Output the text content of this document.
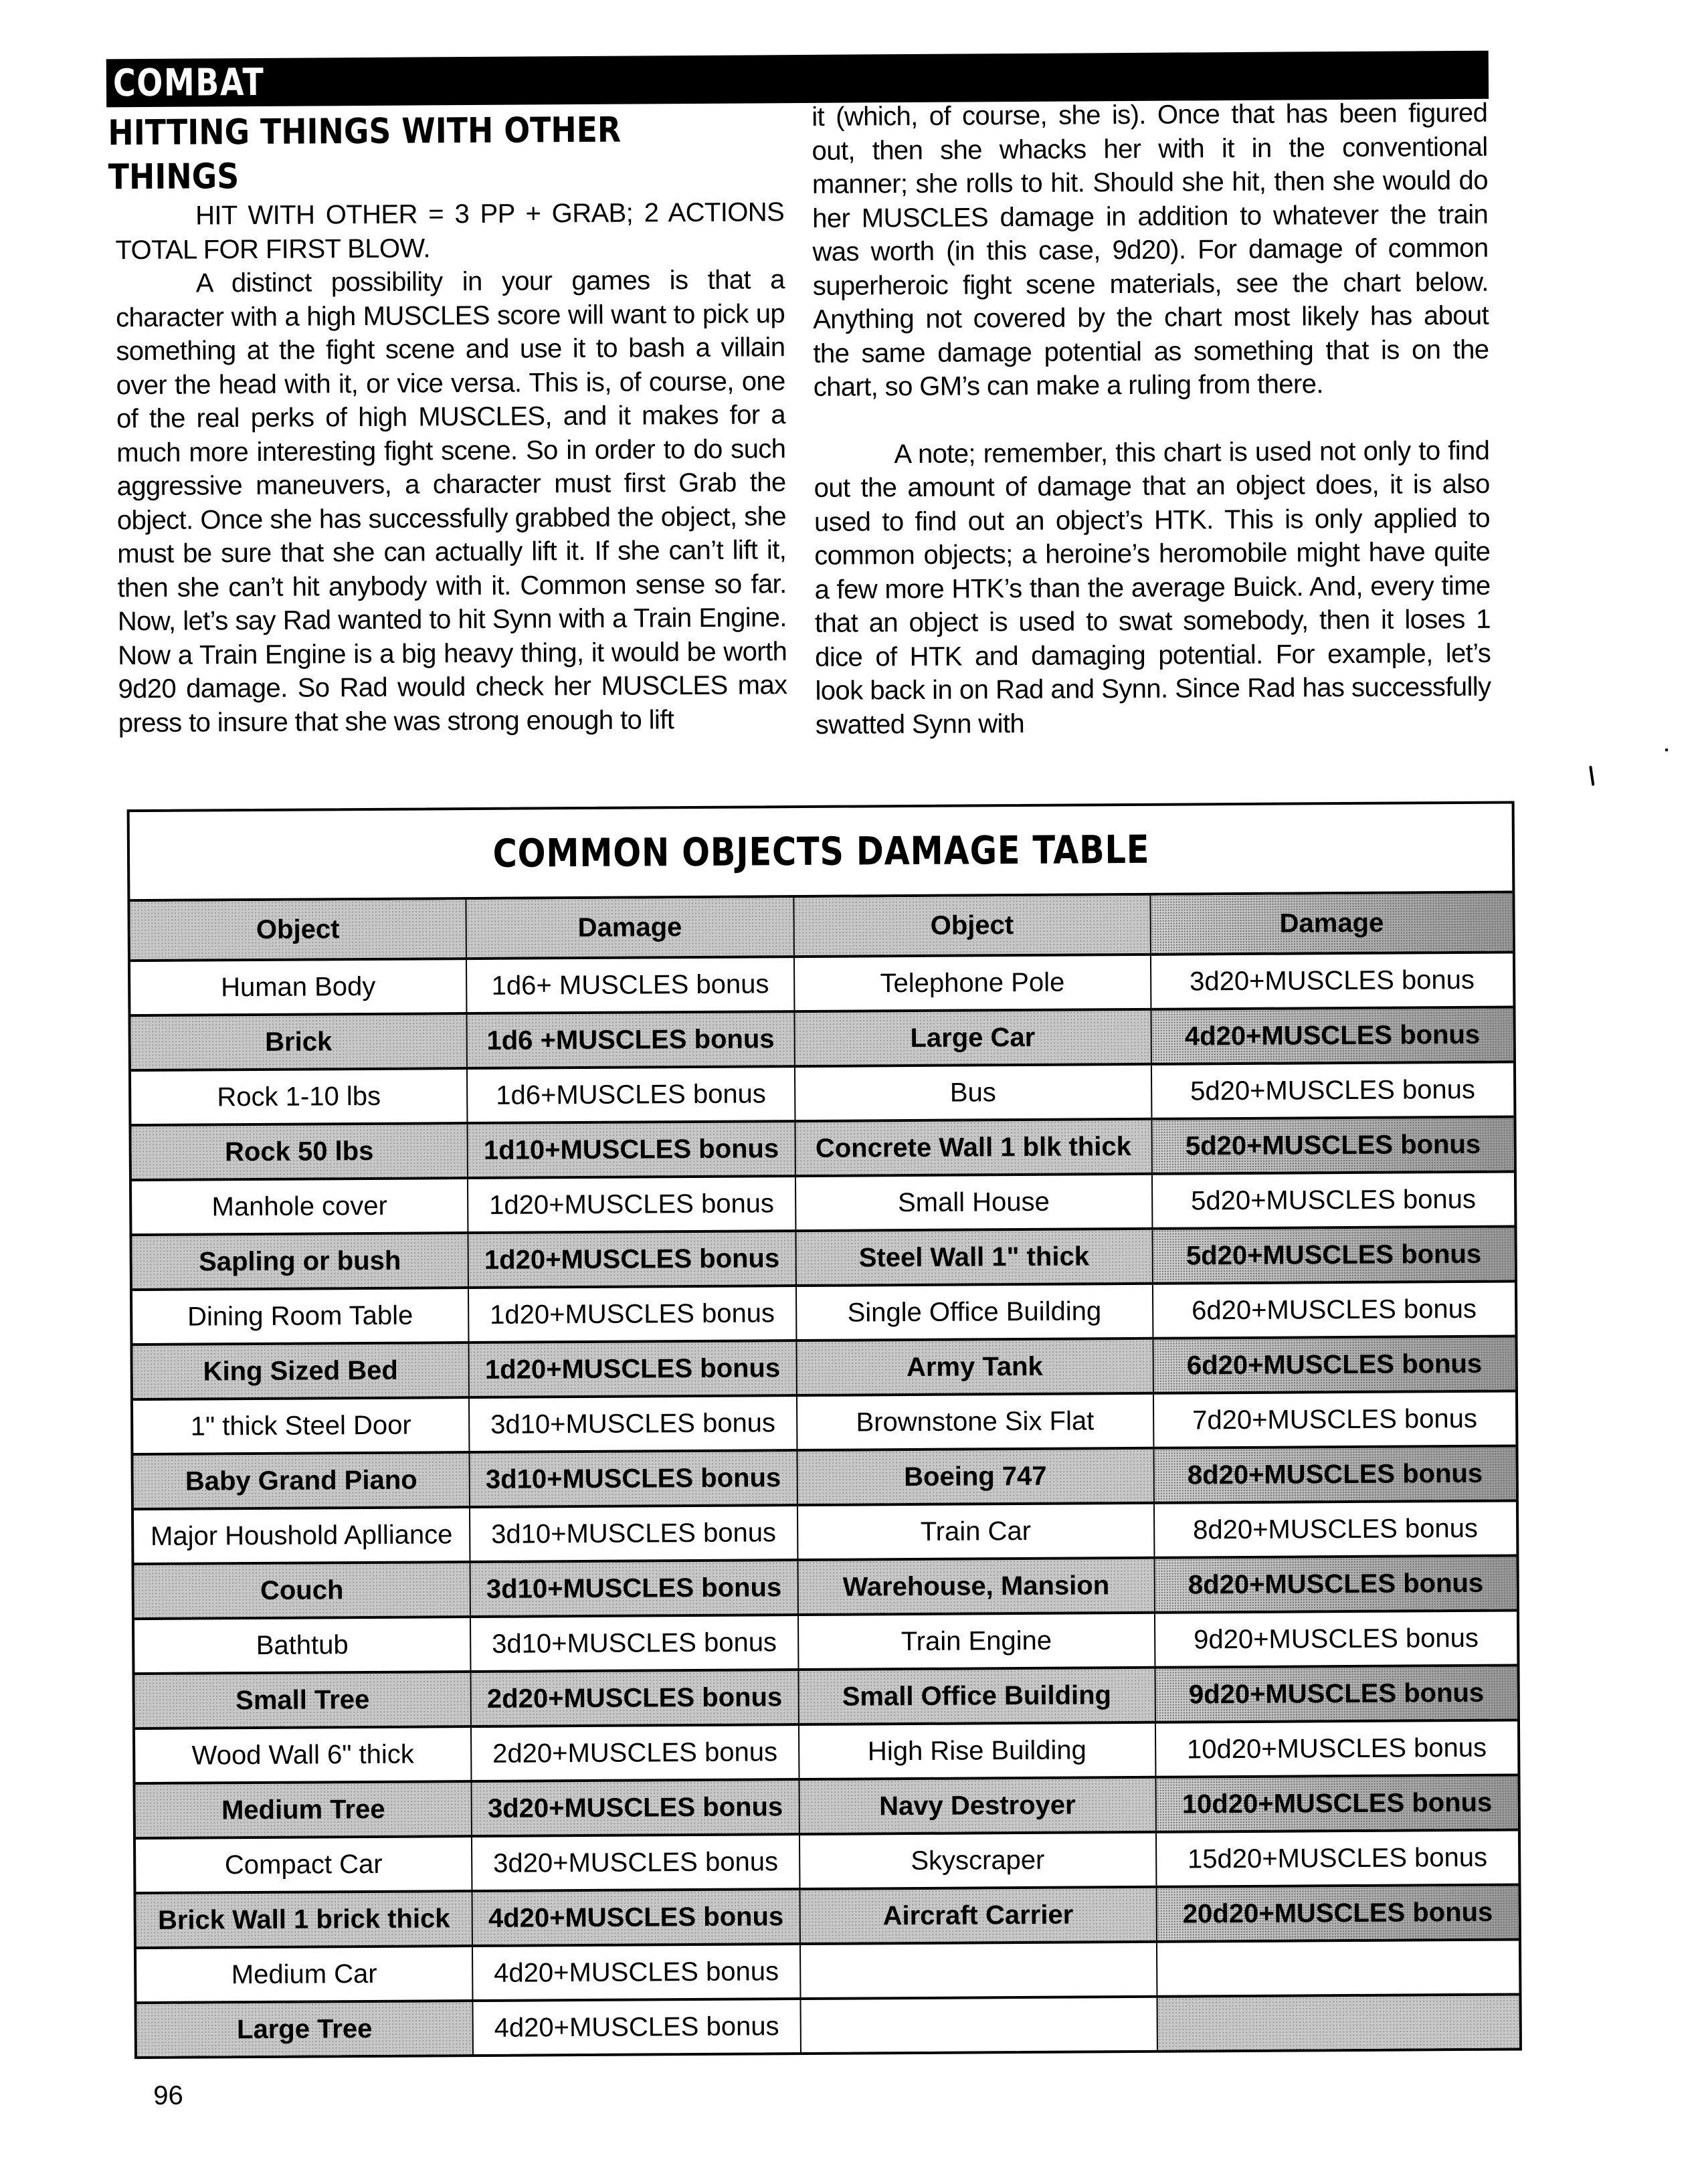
COMBAT
HITTING THINGS WITH OTHER THINGS

HIT WITH OTHER = 3 PP + GRAB; 2 ACTIONS TOTAL FOR FIRST BLOW.

A distinct possibility in your games is that a character with a high MUSCLES score will want to pick up something at the fight scene and use it to bash a villain over the head with it, or vice versa. This is, of course, one of the real perks of high MUSCLES, and it makes for a much more interesting fight scene. So in order to do such aggressive maneuvers, a character must first Grab the object. Once she has successfully grabbed the object, she must be sure that she can actually lift it. If she can’t lift it, then she can’t hit anybody with it. Common sense so far. Now, let’s say Rad wanted to hit Synn with a Train Engine. Now a Train Engine is a big heavy thing, it would be worth 9d20 damage. So Rad would check her MUSCLES max press to insure that she was strong enough to lift

it (which, of course, she is). Once that has been figured out, then she whacks her with it in the conventional manner; she rolls to hit. Should she hit, then she would do her MUSCLES damage in addition to whatever the train was worth (in this case, 9d20). For damage of common superheroic fight scene materials, see the chart below. Anything not covered by the chart most likely has about the same damage potential as something that is on the chart, so GM’s can make a ruling from there.

A note; remember, this chart is used not only to find out the amount of damage that an object does, it is also used to find out an object’s HTK. This is only applied to common objects; a heroine’s heromobile might have quite a few more HTK’s than the average Buick. And, every time that an object is used to swat somebody, then it loses 1 dice of HTK and damaging potential. For example, let’s look back in on Rad and Synn. Since Rad has successfully swatted Synn with

COMMON OBJECTS DAMAGE TABLE
Object	Damage	Object	Damage
Human Body	1d6+ MUSCLES bonus	Telephone Pole	3d20+MUSCLES bonus
Brick	1d6 +MUSCLES bonus	Large Car	4d20+MUSCLES bonus
Rock 1-10 lbs	1d6+MUSCLES bonus	Bus	5d20+MUSCLES bonus
Rock 50 lbs	1d10+MUSCLES bonus	Concrete Wall 1 blk thick	5d20+MUSCLES bonus
Manhole cover	1d20+MUSCLES bonus	Small House	5d20+MUSCLES bonus
Sapling or bush	1d20+MUSCLES bonus	Steel Wall 1" thick	5d20+MUSCLES bonus
Dining Room Table	1d20+MUSCLES bonus	Single Office Building	6d20+MUSCLES bonus
King Sized Bed	1d20+MUSCLES bonus	Army Tank	6d20+MUSCLES bonus
1" thick Steel Door	3d10+MUSCLES bonus	Brownstone Six Flat	7d20+MUSCLES bonus
Baby Grand Piano	3d10+MUSCLES bonus	Boeing 747	8d20+MUSCLES bonus
Major Houshold Aplliance	3d10+MUSCLES bonus	Train Car	8d20+MUSCLES bonus
Couch	3d10+MUSCLES bonus	Warehouse, Mansion	8d20+MUSCLES bonus
Bathtub	3d10+MUSCLES bonus	Train Engine	9d20+MUSCLES bonus
Small Tree	2d20+MUSCLES bonus	Small Office Building	9d20+MUSCLES bonus
Wood Wall 6" thick	2d20+MUSCLES bonus	High Rise Building	10d20+MUSCLES bonus
Medium Tree	3d20+MUSCLES bonus	Navy Destroyer	10d20+MUSCLES bonus
Compact Car	3d20+MUSCLES bonus	Skyscraper	15d20+MUSCLES bonus
Brick Wall 1 brick thick	4d20+MUSCLES bonus	Aircraft Carrier	20d20+MUSCLES bonus
Medium Car	4d20+MUSCLES bonus		
Large Tree	4d20+MUSCLES bonus		
96
